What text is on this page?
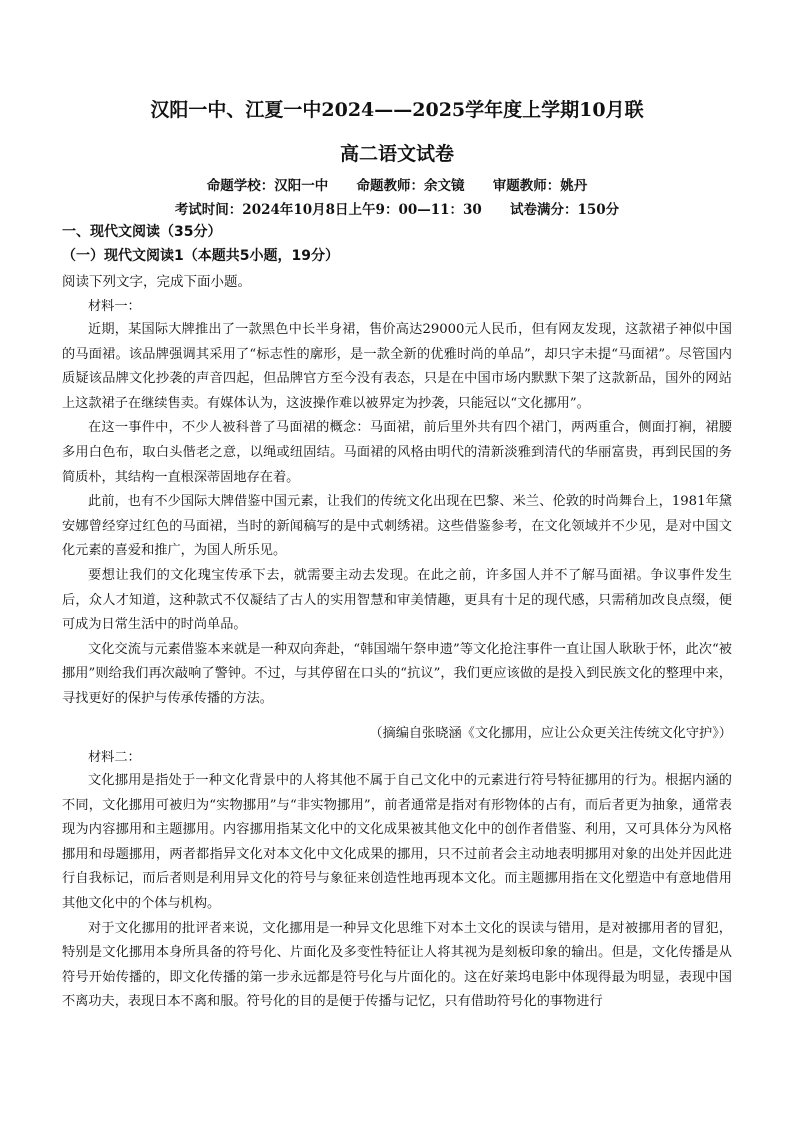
汉阳一中、江夏一中2024——2025学年度上学期10月联
高二语文试卷
命题学校：汉阳一中      命题教师：余文镜      审题教师：姚丹
考试时间：2024年10月8日上午9：00—11：30      试卷满分：150分
一、现代文阅读（35分）
（一）现代文阅读1（本题共5小题，19分）
阅读下列文字，完成下面小题。
材料一：

近期，某国际大牌推出了一款黑色中长半身裙，售价高达29000元人民币，但有网友发现，这款裙子神似中国的马面裙。该品牌强调其采用了“标志性的廓形，是一款全新的优雅时尚的单品”，却只字未提“马面裙”。尽管国内质疑该品牌文化抄袭的声音四起，但品牌官方至今没有表态，只是在中国市场内默默下架了这款新品，国外的网站上这款裙子在继续售卖。有媒体认为，这波操作难以被界定为抄袭，只能冠以“文化挪用”。

在这一事件中，不少人被科普了马面裙的概念：马面裙，前后里外共有四个裙门，两两重合，侧面打裥，裙腰多用白色布，取白头偕老之意，以绳或纽固结。马面裙的风格由明代的清新淡雅到清代的华丽富贵，再到民国的务简质朴，其结构一直根深蒂固地存在着。

此前，也有不少国际大牌借鉴中国元素，让我们的传统文化出现在巴黎、米兰、伦敦的时尚舞台上，1981年黛安娜曾经穿过红色的马面裙，当时的新闻稿写的是中式刺绣裙。这些借鉴参考，在文化领域并不少见，是对中国文化元素的喜爱和推广，为国人所乐见。

要想让我们的文化瑰宝传承下去，就需要主动去发现。在此之前，许多国人并不了解马面裙。争议事件发生后，众人才知道，这种款式不仅凝结了古人的实用智慧和审美情趣，更具有十足的现代感，只需稍加改良点缀，便可成为日常生活中的时尚单品。

文化交流与元素借鉴本来就是一种双向奔赴，“韩国端午祭申遗”等文化抢注事件一直让国人耿耿于怀，此次“被挪用”则给我们再次敲响了警钟。不过，与其停留在口头的“抗议”，我们更应该做的是投入到民族文化的整理中来，寻找更好的保护与传承传播的方法。

（摘编自张晓涵《文化挪用，应让公众更关注传统文化守护》）
材料二：

文化挪用是指处于一种文化背景中的人将其他不属于自己文化中的元素进行符号特征挪用的行为。根据内涵的不同，文化挪用可被归为“实物挪用”与“非实物挪用”，前者通常是指对有形物体的占有，而后者更为抽象，通常表现为内容挪用和主题挪用。内容挪用指某文化中的文化成果被其他文化中的创作者借鉴、利用，又可具体分为风格挪用和母题挪用，两者都指异文化对本文化中文化成果的挪用，只不过前者会主动地表明挪用对象的出处并因此进行自我标记，而后者则是利用异文化的符号与象征来创造性地再现本文化。而主题挪用指在文化塑造中有意地借用其他文化中的个体与机构。

对于文化挪用的批评者来说，文化挪用是一种异文化思维下对本土文化的误读与错用，是对被挪用者的冒犯，特别是文化挪用本身所具备的符号化、片面化及多变性特征让人将其视为是刻板印象的输出。但是，文化传播是从符号开始传播的，即文化传播的第一步永远都是符号化与片面化的。这在好莱坞电影中体现得最为明显，表现中国不离功夫，表现日本不离和服。符号化的目的是便于传播与记忆，只有借助符号化的事物进行
